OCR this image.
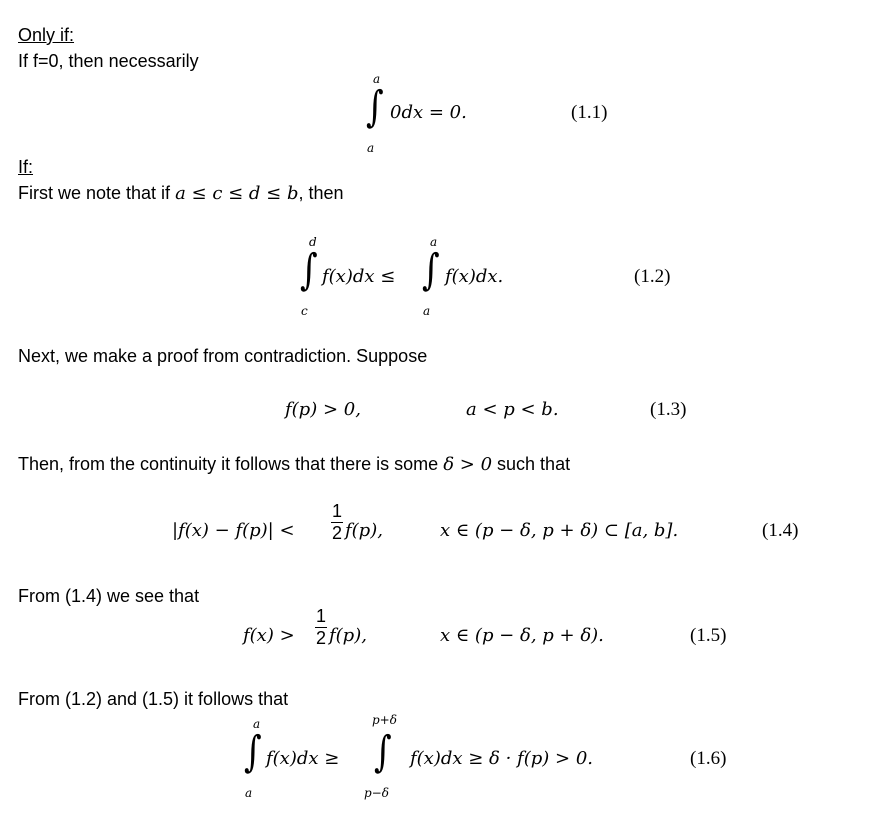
Only if:
If f=0, then necessarily
a
∫
a
0dx = 0.	(1.1)
If:
First we note that if a ≤ c ≤ d ≤ b, then
d
∫
c
f(x)dx ≤
a
∫
a
f(x)dx.	(1.2)
Next, we make a proof from contradiction. Suppose
f(p) > 0,	a < p < b.	(1.3)
Then, from the continuity it follows that there is some δ > 0 such that
|f(x) − f(p)| <
1
2 f(p),	x ∈ (p − δ, p + δ) ⊂ [a, b].	(1.4)
From (1.4) we see that
f(x) >
1
2 f(p),	x ∈ (p − δ, p + δ).	(1.5)
From (1.2) and (1.5) it follows that
a
∫
a
f(x)dx ≥
p+δ
∫
p−δ
f(x)dx ≥ δ · f(p) > 0.	(1.6)
